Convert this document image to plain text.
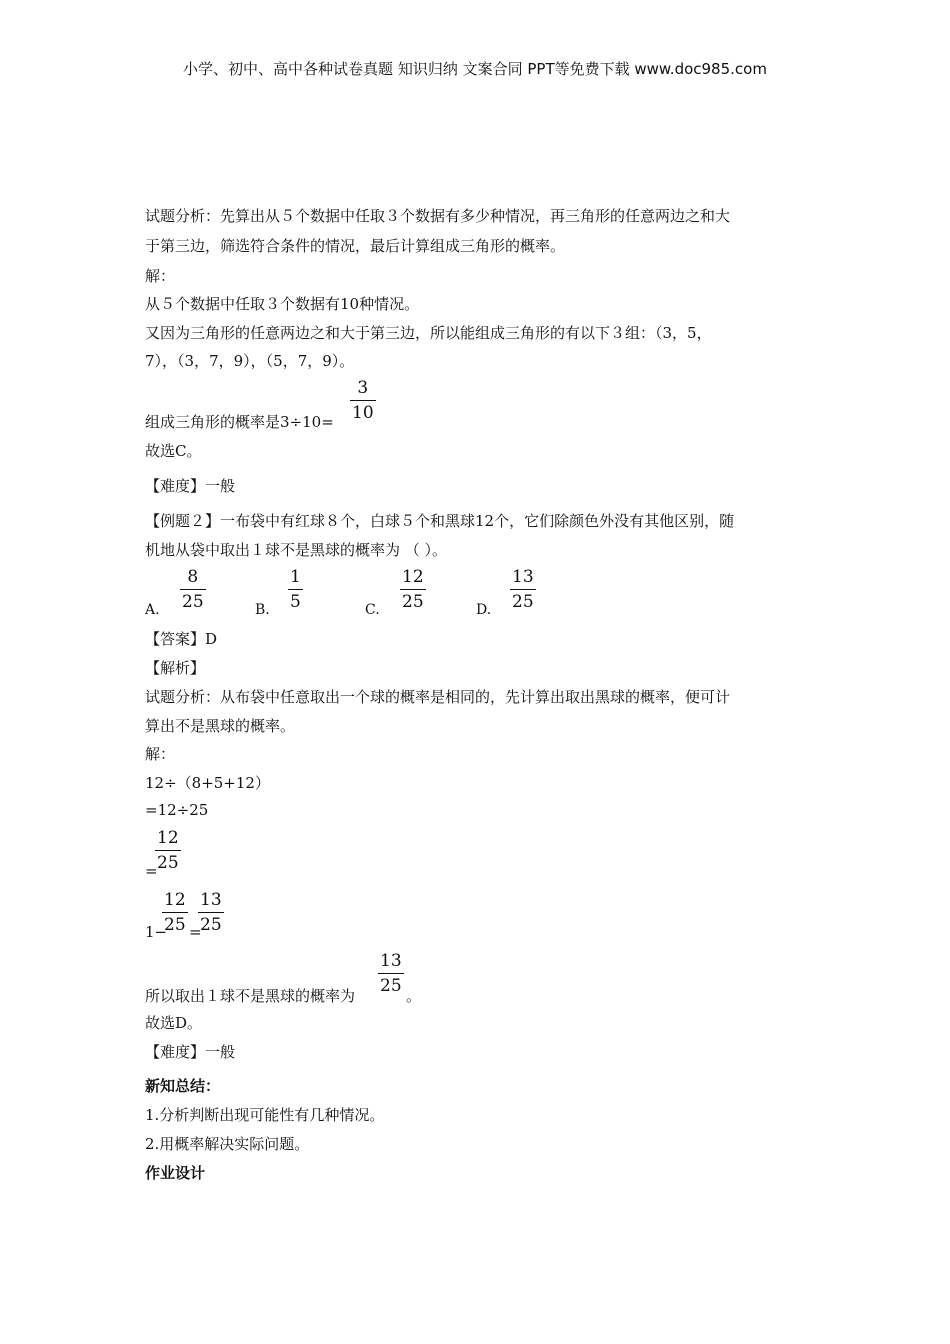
小学、初中、高中各种试卷真题 知识归纳 文案合同 PPT等免费下载 www.doc985.com
试题分析：先算出从５个数据中任取３个数据有多少种情况，再三角形的任意两边之和大
于第三边，筛选符合条件的情况，最后计算组成三角形的概率。
解：
从５个数据中任取３个数据有10种情况。
又因为三角形的任意两边之和大于第三边，所以能组成三角形的有以下３组：（3，5，
7），（3，7，9），（5，7，9）。
组成三角形的概率是3÷10=
3
10
故选C。
【难度】一般
【例题２】一布袋中有红球８个，白球５个和黑球12个，它们除颜色外没有其他区别，随
机地从袋中取出１球不是黑球的概率为 （ ）。
A.
8
25	B.
1
5	C.
12
25	D.
13
25
【答案】D
【解析】
试题分析：从布袋中任意取出一个球的概率是相同的，先计算出取出黑球的概率，便可计
算出不是黑球的概率。
解：
12÷（8+5+12）
=12÷25
=
12
25
1−
12
25 =
13
25
所以取出１球不是黑球的概率为
13
25 。
故选D。
【难度】一般
新知总结：
1.分析判断出现可能性有几种情况。
2.用概率解决实际问题。
作业设计
